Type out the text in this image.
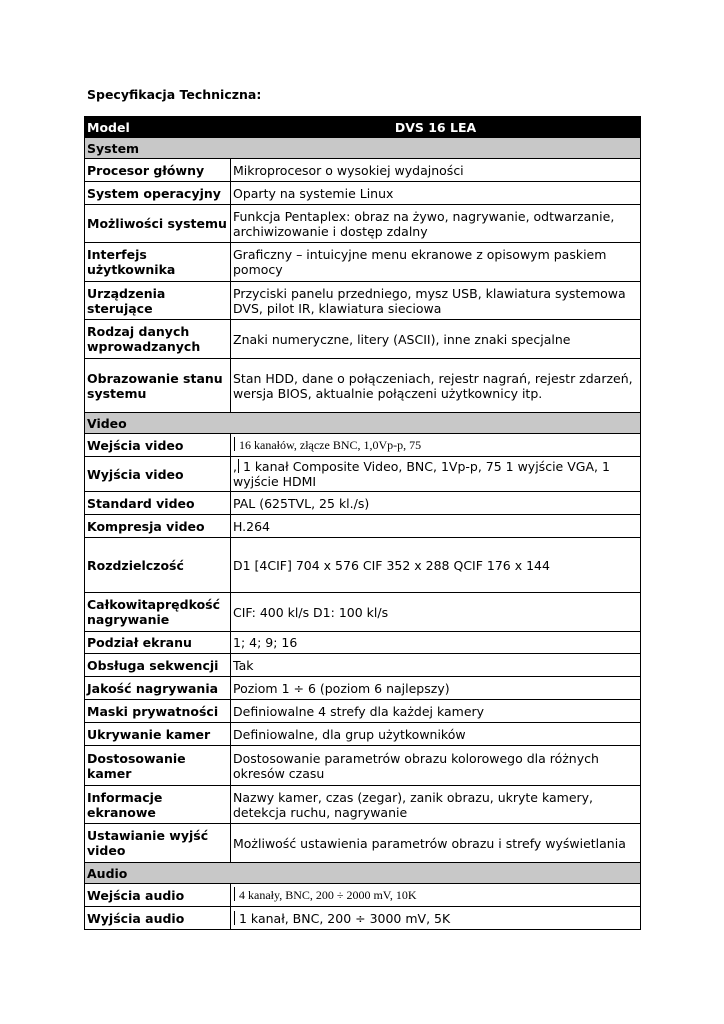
Specyfikacja Techniczna:
Model	DVS 16 LEA
System	
Procesor główny	Mikroprocesor o wysokiej wydajności
System operacyjny	Oparty na systemie Linux
Możliwości systemu	Funkcja Pentaplex: obraz na żywo, nagrywanie, odtwarzanie, archiwizowanie i dostęp zdalny
Interfejs użytkownika	Graficzny – intuicyjne menu ekranowe z opisowym paskiem pomocy
Urządzenia sterujące	Przyciski panelu przedniego, mysz USB, klawiatura systemowa DVS, pilot IR, klawiatura sieciowa
Rodzaj danych wprowadzanych	Znaki numeryczne, litery (ASCII), inne znaki specjalne
Obrazowanie stanu systemu	Stan HDD, dane o połączeniach, rejestr nagrań, rejestr zdarzeń, wersja BIOS, aktualnie połączeni użytkownicy itp.
Video	
Wejścia video	16 kanałów, złącze BNC, 1,0Vp-p, 75
Wyjścia video	, 1 kanał Composite Video, BNC, 1Vp-p, 75 1 wyjście VGA, 1 wyjście HDMI
Standard video	PAL (625TVL, 25 kl./s)
Kompresja video	H.264
Rozdzielczość	D1 [4CIF] 704 x 576 CIF 352 x 288 QCIF 176 x 144
Całkowitaprędkość nagrywanie	CIF: 400 kl/s D1: 100 kl/s
Podział ekranu	1; 4; 9; 16
Obsługa sekwencji	Tak
Jakość nagrywania	Poziom 1 ÷ 6 (poziom 6 najlepszy)
Maski prywatności	Definiowalne 4 strefy dla każdej kamery
Ukrywanie kamer	Definiowalne, dla grup użytkowników
Dostosowanie kamer	Dostosowanie parametrów obrazu kolorowego dla różnych okresów czasu
Informacje ekranowe	Nazwy kamer, czas (zegar), zanik obrazu, ukryte kamery, detekcja ruchu, nagrywanie
Ustawianie wyjść video	Możliwość ustawienia parametrów obrazu i strefy wyświetlania
Audio	
Wejścia audio	4 kanały, BNC, 200 ÷ 2000 mV, 10K
Wyjścia audio	1 kanał, BNC, 200 ÷ 3000 mV, 5K
